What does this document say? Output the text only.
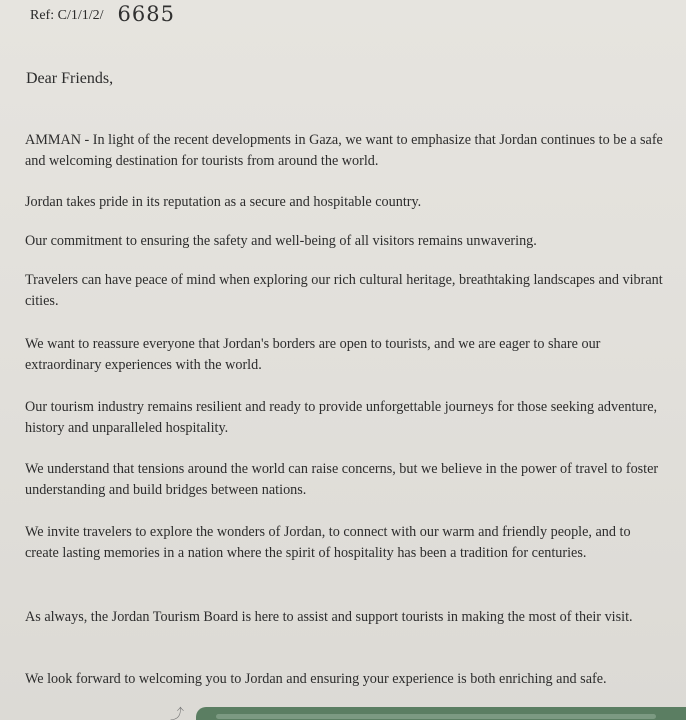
Ref: C/1/1/2/ 6685
Dear Friends,

AMMAN - In light of the recent developments in Gaza, we want to emphasize that Jordan continues to be a safe and welcoming destination for tourists from around the world.

Jordan takes pride in its reputation as a secure and hospitable country.

Our commitment to ensuring the safety and well-being of all visitors remains unwavering.

Travelers can have peace of mind when exploring our rich cultural heritage, breathtaking landscapes and vibrant cities.

We want to reassure everyone that Jordan's borders are open to tourists, and we are eager to share our extraordinary experiences with the world.

Our tourism industry remains resilient and ready to provide unforgettable journeys for those seeking adventure, history and unparalleled hospitality.

We understand that tensions around the world can raise concerns, but we believe in the power of travel to foster understanding and build bridges between nations.

We invite travelers to explore the wonders of Jordan, to connect with our warm and friendly people, and to create lasting memories in a nation where the spirit of hospitality has been a tradition for centuries.

As always, the Jordan Tourism Board is here to assist and support tourists in making the most of their visit.

We look forward to welcoming you to Jordan and ensuring your experience is both enriching and safe.

⤴
